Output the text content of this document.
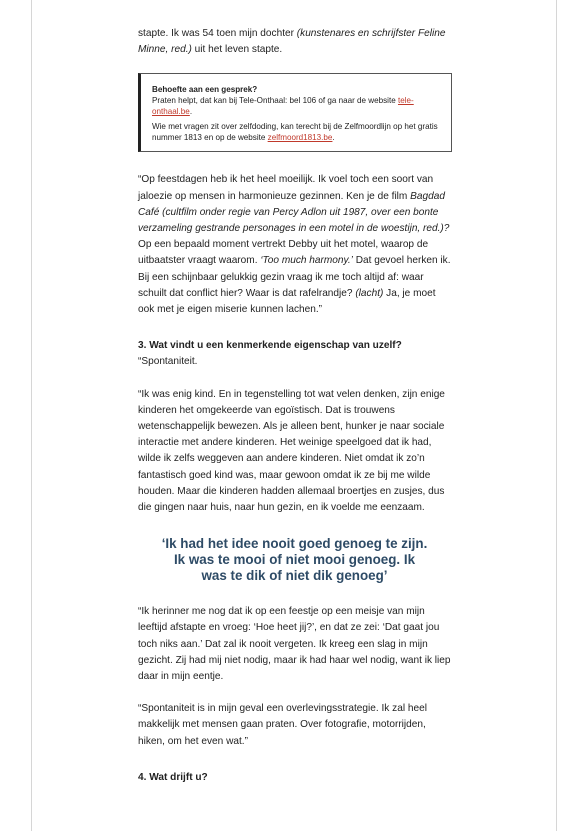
stapte. Ik was 54 toen mijn dochter (kunstenares en schrijfster Feline Minne, red.) uit het leven stapte.

Behoefte aan een gesprek?

Praten helpt, dat kan bij Tele-Onthaal: bel 106 of ga naar de website tele-onthaal.be.

Wie met vragen zit over zelfdoding, kan terecht bij de Zelfmoordlijn op het gratis nummer 1813 en op de website zelfmoord1813.be.

“Op feestdagen heb ik het heel moeilijk. Ik voel toch een soort van jaloezie op mensen in harmonieuze gezinnen. Ken je de film Bagdad Café (cultfilm onder regie van Percy Adlon uit 1987, over een bonte verzameling gestrande personages in een motel in de woestijn, red.)? Op een bepaald moment vertrekt Debby uit het motel, waarop de uitbaatster vraagt waarom. ‘Too much harmony.’ Dat gevoel herken ik. Bij een schijnbaar gelukkig gezin vraag ik me toch altijd af: waar schuilt dat conflict hier? Waar is dat rafelrandje? (lacht) Ja, je moet ook met je eigen miserie kunnen lachen.”

3. Wat vindt u een kenmerkende eigenschap van uzelf?

“Spontaniteit.

“Ik was enig kind. En in tegenstelling tot wat velen denken, zijn enige kinderen het omgekeerde van egoïstisch. Dat is trouwens wetenschappelijk bewezen. Als je alleen bent, hunker je naar sociale interactie met andere kinderen. Het weinige speelgoed dat ik had, wilde ik zelfs weggeven aan andere kinderen. Niet omdat ik zo’n fantastisch goed kind was, maar gewoon omdat ik ze bij me wilde houden. Maar die kinderen hadden allemaal broertjes en zusjes, dus die gingen naar huis, naar hun gezin, en ik voelde me eenzaam.

‘Ik had het idee nooit goed genoeg te zijn. Ik was te mooi of niet mooi genoeg. Ik was te dik of niet dik genoeg’

“Ik herinner me nog dat ik op een feestje op een meisje van mijn leeftijd afstapte en vroeg: ‘Hoe heet jij?’, en dat ze zei: ‘Dat gaat jou toch niks aan.’ Dat zal ik nooit vergeten. Ik kreeg een slag in mijn gezicht. Zij had mij niet nodig, maar ik had haar wel nodig, want ik liep daar in mijn eentje.

“Spontaniteit is in mijn geval een overlevingsstrategie. Ik zal heel makkelijk met mensen gaan praten. Over fotografie, motorrijden, hiken, om het even wat.”

4. Wat drijft u?
